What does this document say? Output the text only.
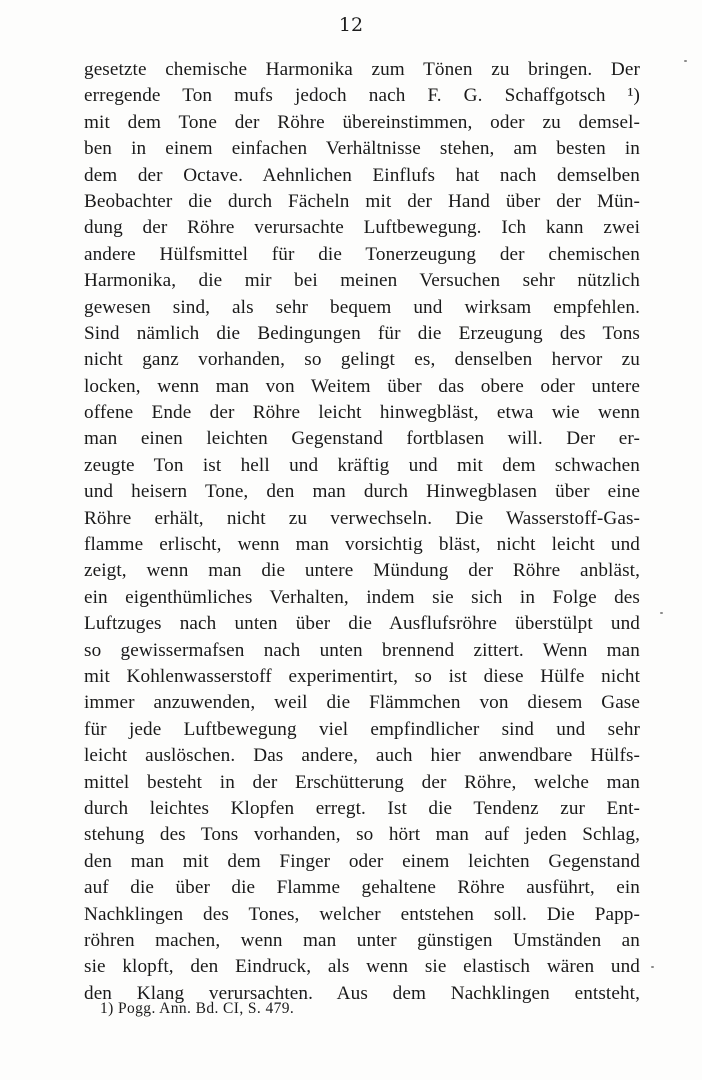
12
gesetzte chemische Harmonika zum Tönen zu bringen. Der
erregende Ton mufs jedoch nach F. G. Schaffgotsch ¹)
mit dem Tone der Röhre übereinstimmen, oder zu demsel-
ben in einem einfachen Verhältnisse stehen, am besten in
dem der Octave. Aehnlichen Einflufs hat nach demselben
Beobachter die durch Fächeln mit der Hand über der Mün-
dung der Röhre verursachte Luftbewegung. Ich kann zwei
andere Hülfsmittel für die Tonerzeugung der chemischen
Harmonika, die mir bei meinen Versuchen sehr nützlich
gewesen sind, als sehr bequem und wirksam empfehlen.
Sind nämlich die Bedingungen für die Erzeugung des Tons
nicht ganz vorhanden, so gelingt es, denselben hervor zu
locken, wenn man von Weitem über das obere oder untere
offene Ende der Röhre leicht hinwegbläst, etwa wie wenn
man einen leichten Gegenstand fortblasen will. Der er-
zeugte Ton ist hell und kräftig und mit dem schwachen
und heisern Tone, den man durch Hinwegblasen über eine
Röhre erhält, nicht zu verwechseln. Die Wasserstoff-Gas-
flamme erlischt, wenn man vorsichtig bläst, nicht leicht und
zeigt, wenn man die untere Mündung der Röhre anbläst,
ein eigenthümliches Verhalten, indem sie sich in Folge des
Luftzuges nach unten über die Ausflufsröhre überstülpt und
so gewissermafsen nach unten brennend zittert. Wenn man
mit Kohlenwasserstoff experimentirt, so ist diese Hülfe nicht
immer anzuwenden, weil die Flämmchen von diesem Gase
für jede Luftbewegung viel empfindlicher sind und sehr
leicht auslöschen. Das andere, auch hier anwendbare Hülfs-
mittel besteht in der Erschütterung der Röhre, welche man
durch leichtes Klopfen erregt. Ist die Tendenz zur Ent-
stehung des Tons vorhanden, so hört man auf jeden Schlag,
den man mit dem Finger oder einem leichten Gegenstand
auf die über die Flamme gehaltene Röhre ausführt, ein
Nachklingen des Tones, welcher entstehen soll. Die Papp-
röhren machen, wenn man unter günstigen Umständen an
sie klopft, den Eindruck, als wenn sie elastisch wären und
den Klang verursachten. Aus dem Nachklingen entsteht,
1) Pogg. Ann. Bd. CI, S. 479.
